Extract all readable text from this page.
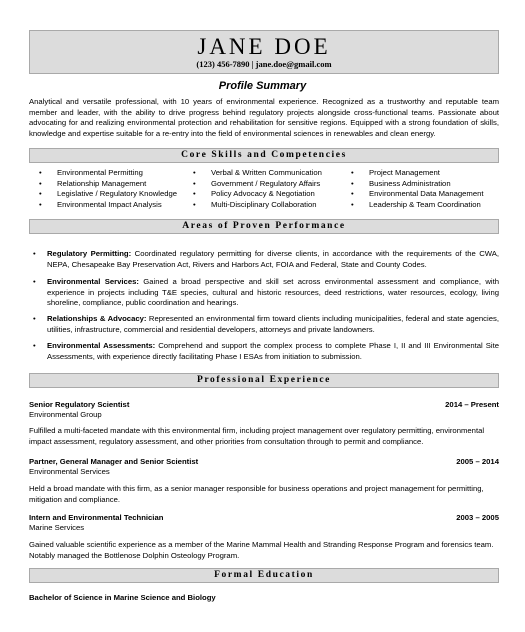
JANE DOE
(123) 456-7890 | jane.doe@gmail.com
Profile Summary
Analytical and versatile professional, with 10 years of environmental experience. Recognized as a trustworthy and reputable team member and leader, with the ability to drive progress behind regulatory projects alongside cross-functional teams. Passionate about advocating for and realizing environmental protection and rehabilitation for sensitive regions. Equipped with a strong foundation of skills, knowledge and expertise suitable for a re-entry into the field of environmental sciences in renewables and clean energy.
Core Skills and Competencies
• Environmental Permitting
• Relationship Management
• Legislative / Regulatory Knowledge
• Environmental Impact Analysis
• Verbal & Written Communication
• Government / Regulatory Affairs
• Policy Advocacy & Negotiation
• Multi-Disciplinary Collaboration
• Project Management
• Business Administration
• Environmental Data Management
• Leadership & Team Coordination
Areas of Proven Performance
• Regulatory Permitting: Coordinated regulatory permitting for diverse clients, in accordance with the requirements of the CWA, NEPA, Chesapeake Bay Preservation Act, Rivers and Harbors Act, FOIA and Federal, State and County Codes.
• Environmental Services: Gained a broad perspective and skill set across environmental assessment and compliance, with experience in projects including T&E species, cultural and historic resources, deed restrictions, water resources, ecology, living shoreline, compliance, public coordination and hearings.
• Relationships & Advocacy: Represented an environmental firm toward clients including municipalities, federal and state agencies, utilities, infrastructure, commercial and residential developers, attorneys and private landowners.
• Environmental Assessments: Comprehend and support the complex process to complete Phase I, II and III Environmental Site Assessments, with experience directly facilitating Phase I ESAs from initiation to submission.
Professional Experience
Senior Regulatory Scientist	2014 – Present
Environmental Group
Fulfilled a multi-faceted mandate with this environmental firm, including project management over regulatory permitting, environmental impact assessment, regulatory assessment, and other priorities from consultation through to permit and compliance.
Partner, General Manager and Senior Scientist	2005 – 2014
Environmental Services
Held a broad mandate with this firm, as a senior manager responsible for business operations and project management for permitting, mitigation and compliance.
Intern and Environmental Technician	2003 – 2005
Marine Services
Gained valuable scientific experience as a member of the Marine Mammal Health and Stranding Response Program and forensics team. Notably managed the Bottlenose Dolphin Osteology Program.
Formal Education
Bachelor of Science in Marine Science and Biology
